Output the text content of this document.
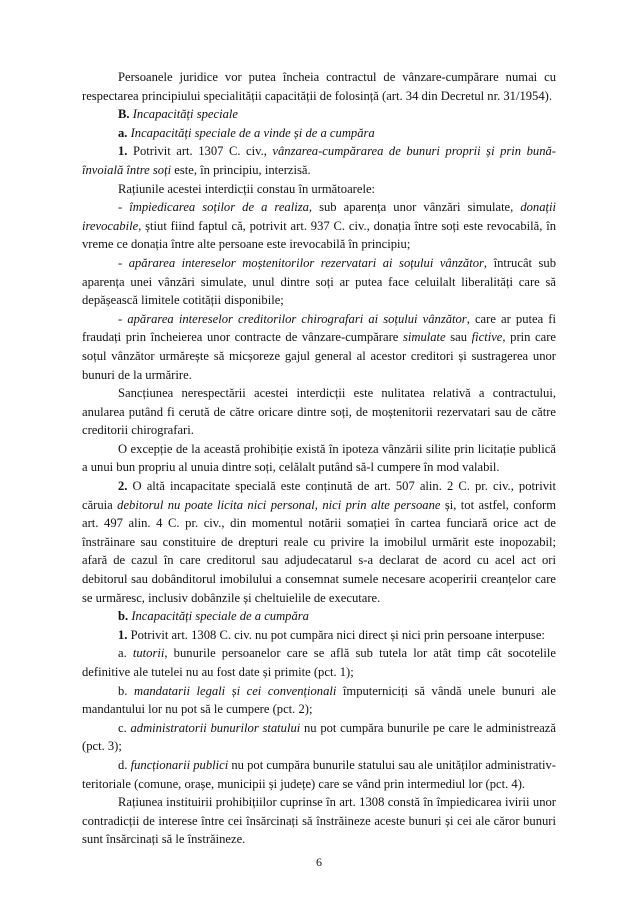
Persoanele juridice vor putea încheia contractul de vânzare-cumpărare numai cu respectarea principiului specialității capacității de folosință (art. 34 din Decretul nr. 31/1954).

B. Incapacități speciale

a. Incapacități speciale de a vinde și de a cumpăra

1. Potrivit art. 1307 C. civ., vânzarea-cumpărarea de bunuri proprii și prin bună-învoială între soți este, în principiu, interzisă.

Rațiunile acestei interdicții constau în următoarele:

- împiedicarea soților de a realiza, sub aparența unor vânzări simulate, donații irevocabile, știut fiind faptul că, potrivit art. 937 C. civ., donația între soți este revocabilă, în vreme ce donația între alte persoane este irevocabilă în principiu;

- apărarea intereselor moștenitorilor rezervatari ai soțului vânzător, întrucât sub aparența unei vânzări simulate, unul dintre soți ar putea face celuilalt liberalități care să depășească limitele cotității disponibile;

- apărarea intereselor creditorilor chirografari ai soțului vânzător, care ar putea fi fraudați prin încheierea unor contracte de vânzare-cumpărare simulate sau fictive, prin care soțul vânzător urmărește să micșoreze gajul general al acestor creditori și sustragerea unor bunuri de la urmărire.

Sancțiunea nerespectării acestei interdicții este nulitatea relativă a contractului, anularea putând fi cerută de către oricare dintre soți, de moștenitorii rezervatari sau de către creditorii chirografari.

O excepție de la această prohibiție există în ipoteza vânzării silite prin licitație publică a unui bun propriu al unuia dintre soți, celălalt putând să-l cumpere în mod valabil.

2. O altă incapacitate specială este conținută de art. 507 alin. 2 C. pr. civ., potrivit căruia debitorul nu poate licita nici personal, nici prin alte persoane și, tot astfel, conform art. 497 alin. 4 C. pr. civ., din momentul notării somației în cartea funciară orice act de înstrăinare sau constituire de drepturi reale cu privire la imobilul urmărit este inopozabil; afară de cazul în care creditorul sau adjudecatarul s-a declarat de acord cu acel act ori debitorul sau dobânditorul imobilului a consemnat sumele necesare acoperirii creanțelor care se urmăresc, inclusiv dobânzile și cheltuielile de executare.

b. Incapacități speciale de a cumpăra

1. Potrivit art. 1308 C. civ. nu pot cumpăra nici direct și nici prin persoane interpuse:

a. tutorii, bunurile persoanelor care se află sub tutela lor atât timp cât socotelile definitive ale tutelei nu au fost date și primite (pct. 1);

b. mandatarii legali și cei convenționali împuterniciți să vândă unele bunuri ale mandantului lor nu pot să le cumpere (pct. 2);

c. administratorii bunurilor statului nu pot cumpăra bunurile pe care le administrează (pct. 3);

d. funcționarii publici nu pot cumpăra bunurile statului sau ale unităților administrativ-teritoriale (comune, orașe, municipii și județe) care se vând prin intermediul lor (pct. 4).

Rațiunea instituirii prohibițiilor cuprinse în art. 1308 constă în împiedicarea ivirii unor contradicții de interese între cei însărcinați să înstrăineze aceste bunuri și cei ale căror bunuri sunt însărcinați să le înstrăineze.

6
